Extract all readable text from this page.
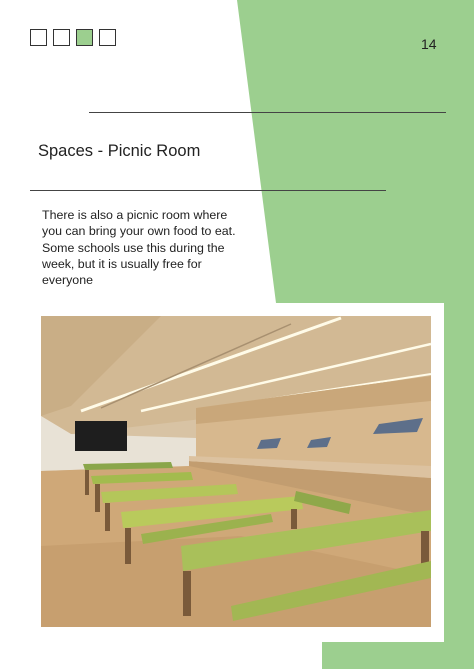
14
Spaces - Picnic Room
There is also a picnic room where you can bring your own food to eat. Some schools use this during the week, but it is usually free for everyone
